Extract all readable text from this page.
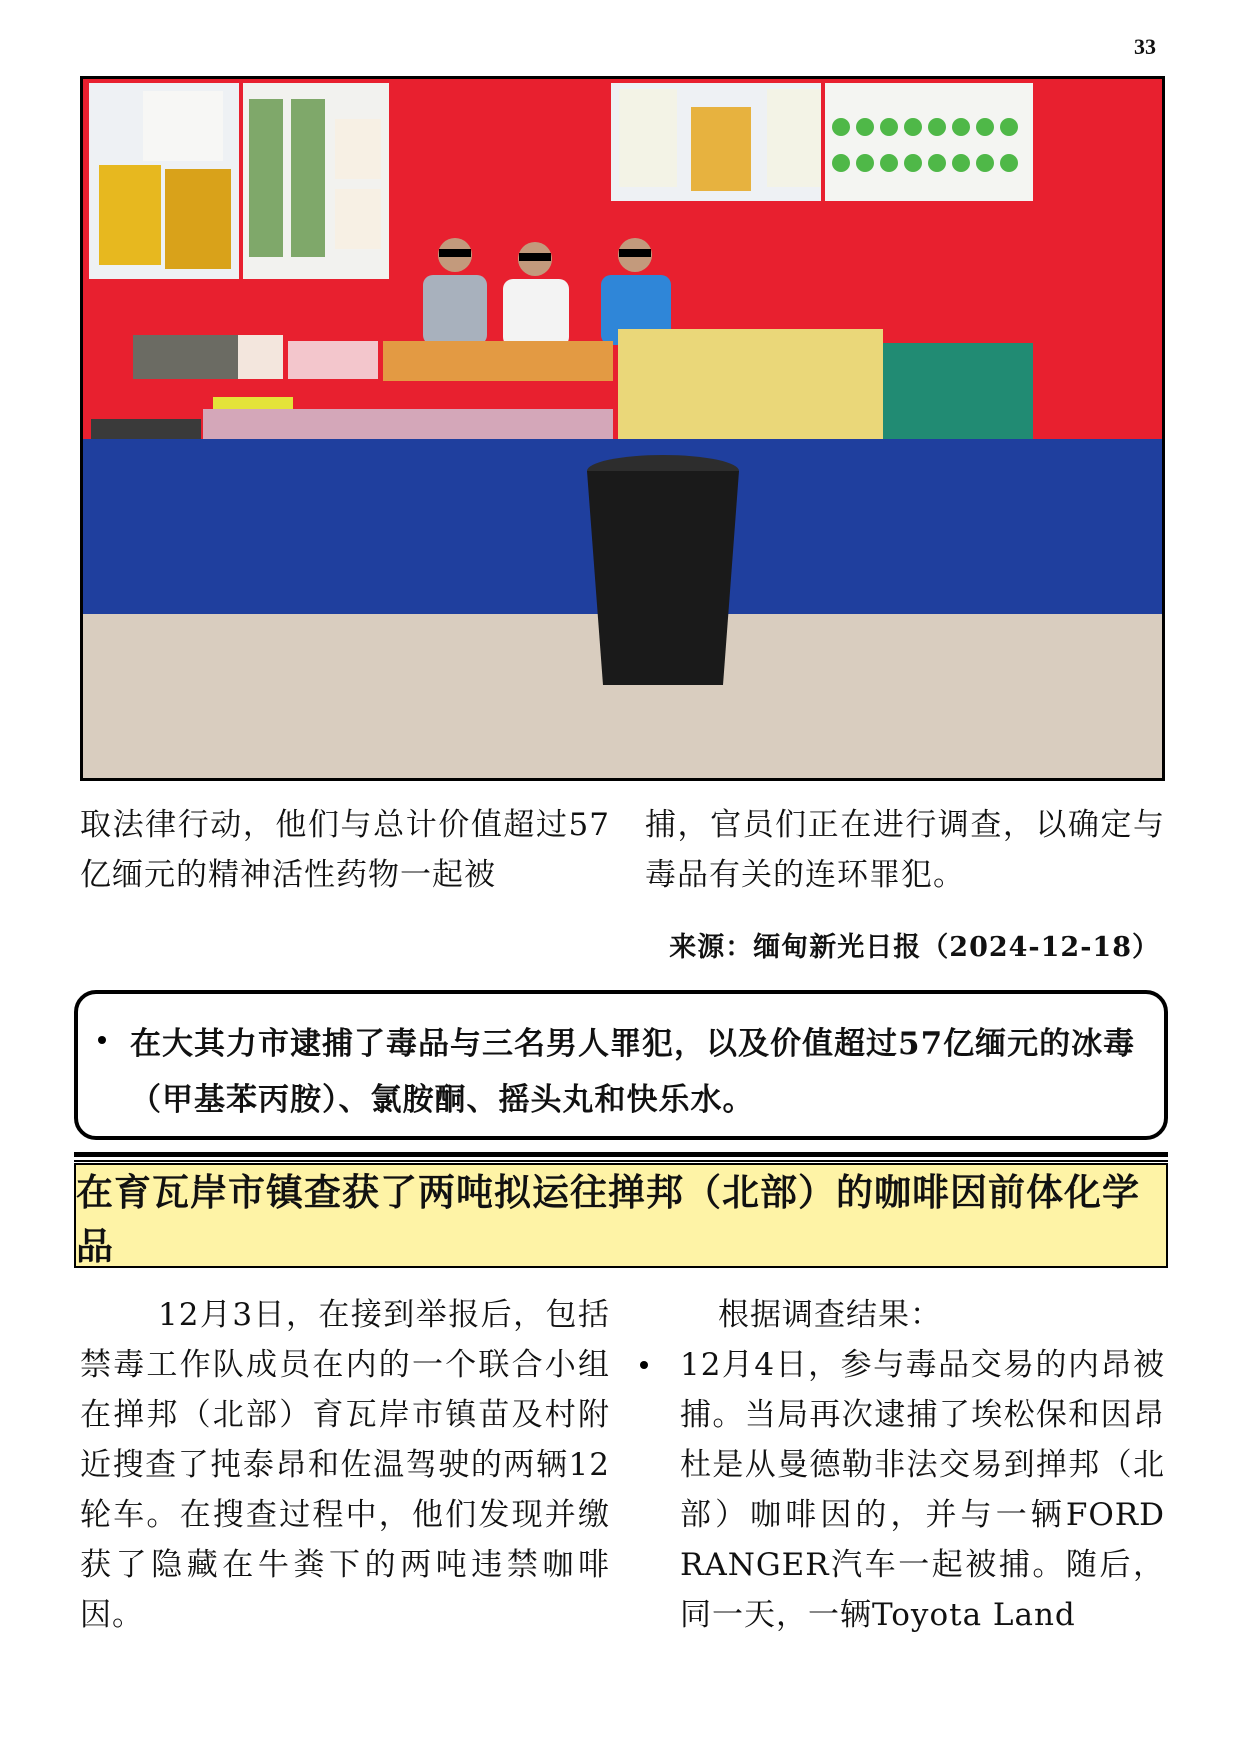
33
取法律行动，他们与总计价值超过57亿缅元的精神活性药物一起被
捕，官员们正在进行调查，以确定与毒品有关的连环罪犯。
来源：缅甸新光日报（2024-12-18）
在大其力市逮捕了毒品与三名男人罪犯，以及价值超过57亿缅元的冰毒（甲基苯丙胺）、氯胺酮、摇头丸和快乐水。
在育瓦岸市镇查获了两吨拟运往掸邦（北部）的咖啡因前体化学品
12月3日，在接到举报后，包括禁毒工作队成员在内的一个联合小组在掸邦（北部）育瓦岸市镇苗及村附近搜查了扽泰昂和佐温驾驶的两辆12轮车。在搜查过程中，他们发现并缴获了隐藏在牛粪下的两吨违禁咖啡因。
根据调查结果：
12月4日，参与毒品交易的内昂被捕。当局再次逮捕了埃松保和因昂杜是从曼德勒非法交易到掸邦（北部）咖啡因的，并与一辆FORD RANGER汽车一起被捕。随后，同一天，一辆Toyota Land
